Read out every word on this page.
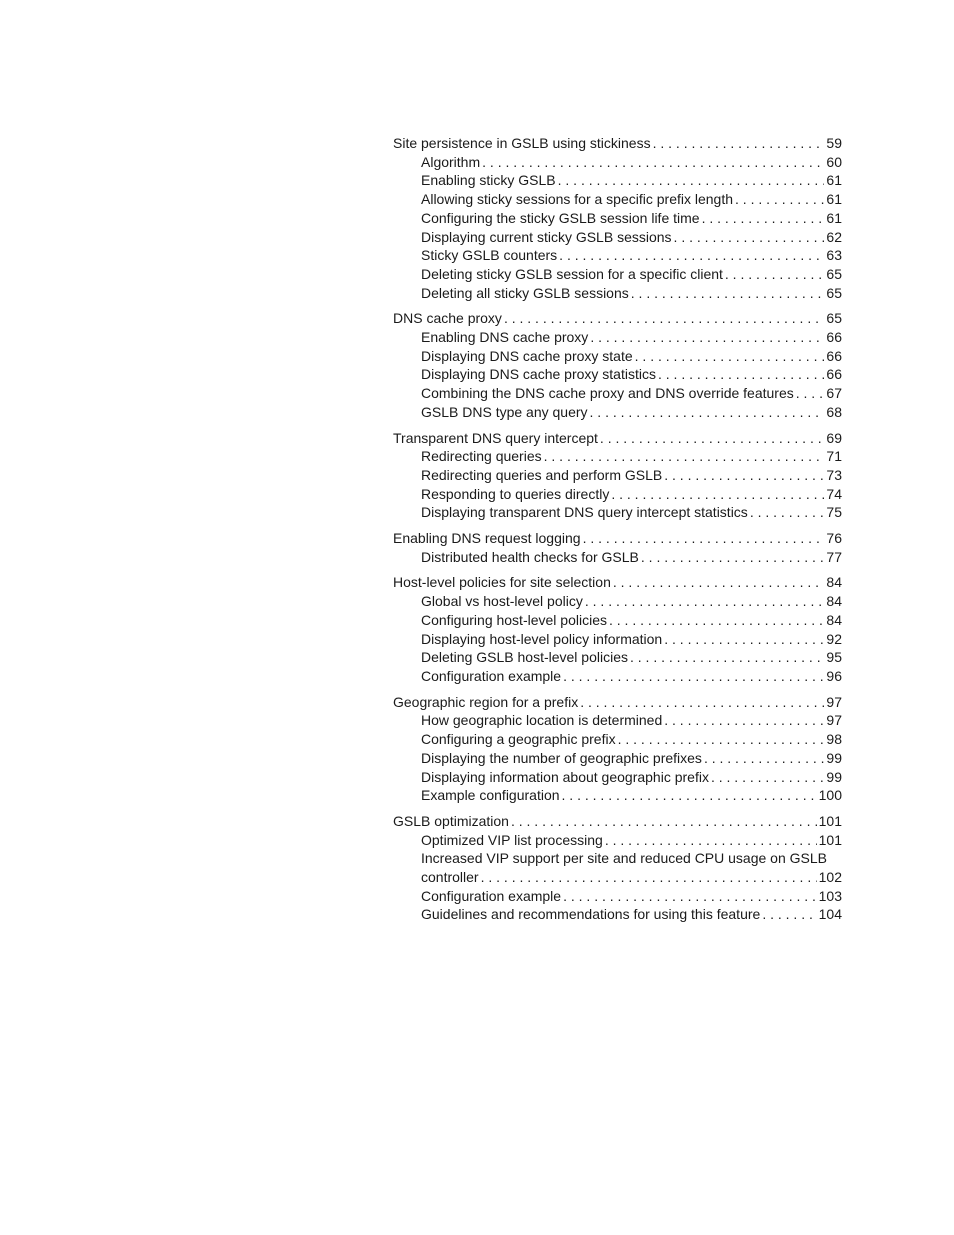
Site persistence in GSLB using stickiness . . .	59
Algorithm . . .	60
Enabling sticky GSLB . . .	61
Allowing sticky sessions for a specific prefix length . . .	61
Configuring the sticky GSLB session life time . . .	61
Displaying current sticky GSLB sessions . . .	62
Sticky GSLB counters . . .	63
Deleting sticky GSLB session for a specific client . . .	65
Deleting all sticky GSLB sessions . . .	65
DNS cache proxy . . .	65
Enabling DNS cache proxy . . .	66
Displaying DNS cache proxy state . . .	66
Displaying DNS cache proxy statistics . . .	66
Combining the DNS cache proxy and DNS override features . . . 67
GSLB DNS type any query . . .	68
Transparent DNS query intercept . . .	69
Redirecting queries . . .	71
Redirecting queries and perform GSLB . . .	73
Responding to queries directly . . .	74
Displaying transparent DNS query intercept statistics . . .	75
Enabling DNS request logging . . .	76
Distributed health checks for GSLB . . .	77
Host-level policies for site selection . . .	84
Global vs host-level policy . . .	84
Configuring host-level policies . . .	84
Displaying host-level policy information . . .	92
Deleting GSLB host-level policies . . .	95
Configuration example . . .	96
Geographic region for a prefix . . .	97
How geographic location is determined . . .	97
Configuring a geographic prefix . . .	98
Displaying the number of geographic prefixes . . .	99
Displaying information about geographic prefix . . .	99
Example configuration . . .	100
GSLB optimization . . .	101
Optimized VIP list processing . . .	101
Increased VIP support per site and reduced CPU usage on GSLB
controller . . .	102
Configuration example . . .	103
Guidelines and recommendations for using this feature . . .	104
